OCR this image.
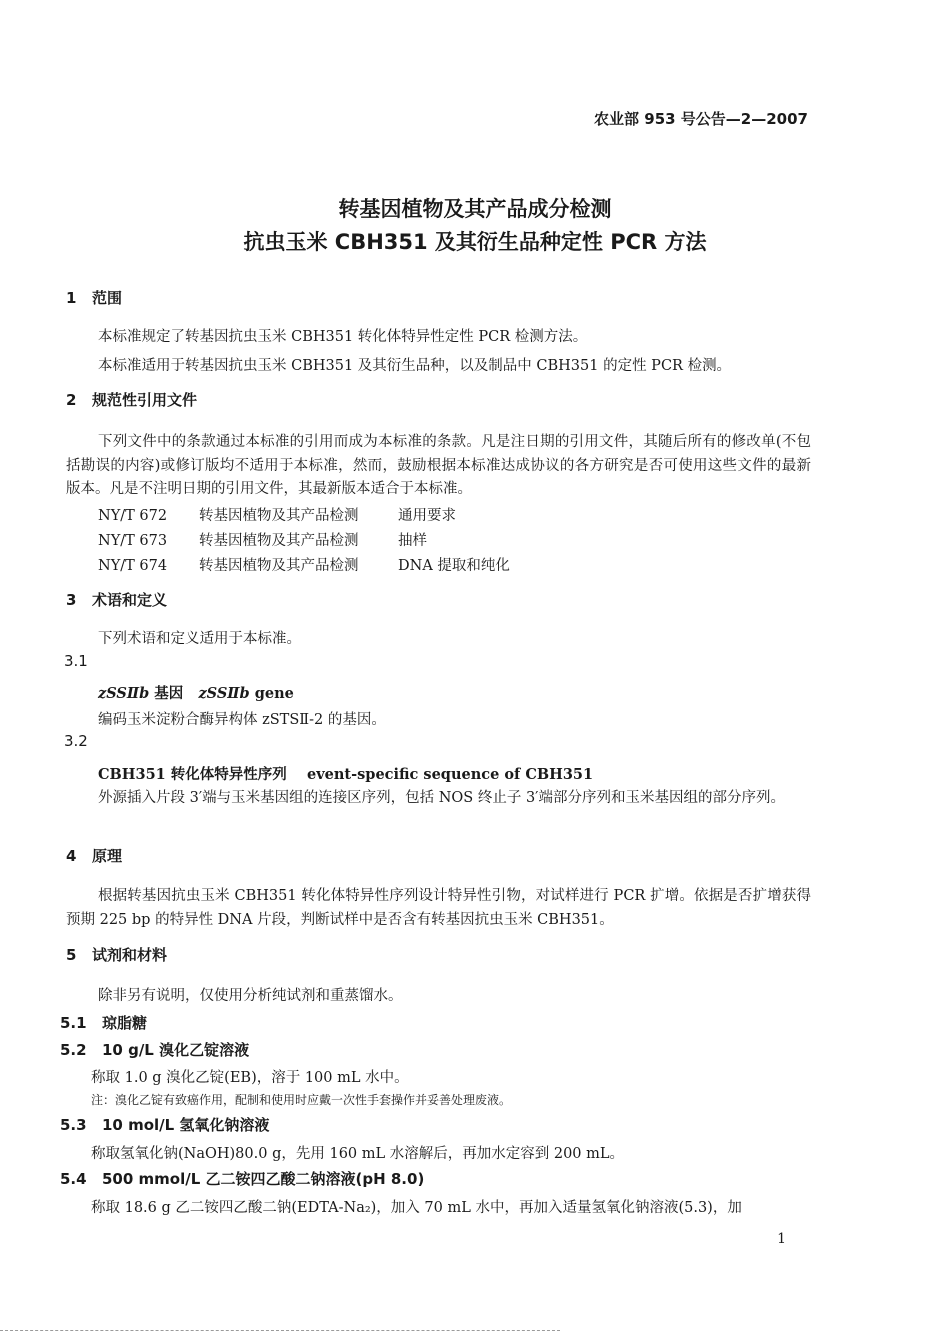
农业部 953 号公告—2—2007
转基因植物及其产品成分检测
抗虫玉米 CBH351 及其衍生品种定性 PCR 方法
1 范围
本标准规定了转基因抗虫玉米 CBH351 转化体特异性定性 PCR 检测方法。
本标准适用于转基因抗虫玉米 CBH351 及其衍生品种，以及制品中 CBH351 的定性 PCR 检测。
2 规范性引用文件
下列文件中的条款通过本标准的引用而成为本标准的条款。凡是注日期的引用文件，其随后所有的修改单(不包括勘误的内容)或修订版均不适用于本标准，然而，鼓励根据本标准达成协议的各方研究是否可使用这些文件的最新版本。凡是不注明日期的引用文件，其最新版本适合于本标准。
NY/T 672 转基因植物及其产品检测	通用要求
NY/T 673 转基因植物及其产品检测	抽样
NY/T 674 转基因植物及其产品检测	DNA 提取和纯化
3 术语和定义
下列术语和定义适用于本标准。
3.1
zSSⅡb 基因 zSSⅡb gene
编码玉米淀粉合酶异构体 zSTSⅡ-2 的基因。
3.2
CBH351 转化体特异性序列    event-specific sequence of CBH351
外源插入片段 3′端与玉米基因组的连接区序列，包括 NOS 终止子 3′端部分序列和玉米基因组的部分序列。
4 原理
根据转基因抗虫玉米 CBH351 转化体特异性序列设计特异性引物，对试样进行 PCR 扩增。依据是否扩增获得预期 225 bp 的特异性 DNA 片段，判断试样中是否含有转基因抗虫玉米 CBH351。
5 试剂和材料
除非另有说明，仅使用分析纯试剂和重蒸馏水。
5.1 琼脂糖
5.2 10 g/L 溴化乙锭溶液
称取 1.0 g 溴化乙锭(EB)，溶于 100 mL 水中。
注：溴化乙锭有致癌作用，配制和使用时应戴一次性手套操作并妥善处理废液。
5.3 10 mol/L 氢氧化钠溶液
称取氢氧化钠(NaOH)80.0 g，先用 160 mL 水溶解后，再加水定容到 200 mL。
5.4 500 mmol/L 乙二铵四乙酸二钠溶液(pH 8.0)
称取 18.6 g 乙二铵四乙酸二钠(EDTA-Na₂)，加入 70 mL 水中，再加入适量氢氧化钠溶液(5.3)，加
1
